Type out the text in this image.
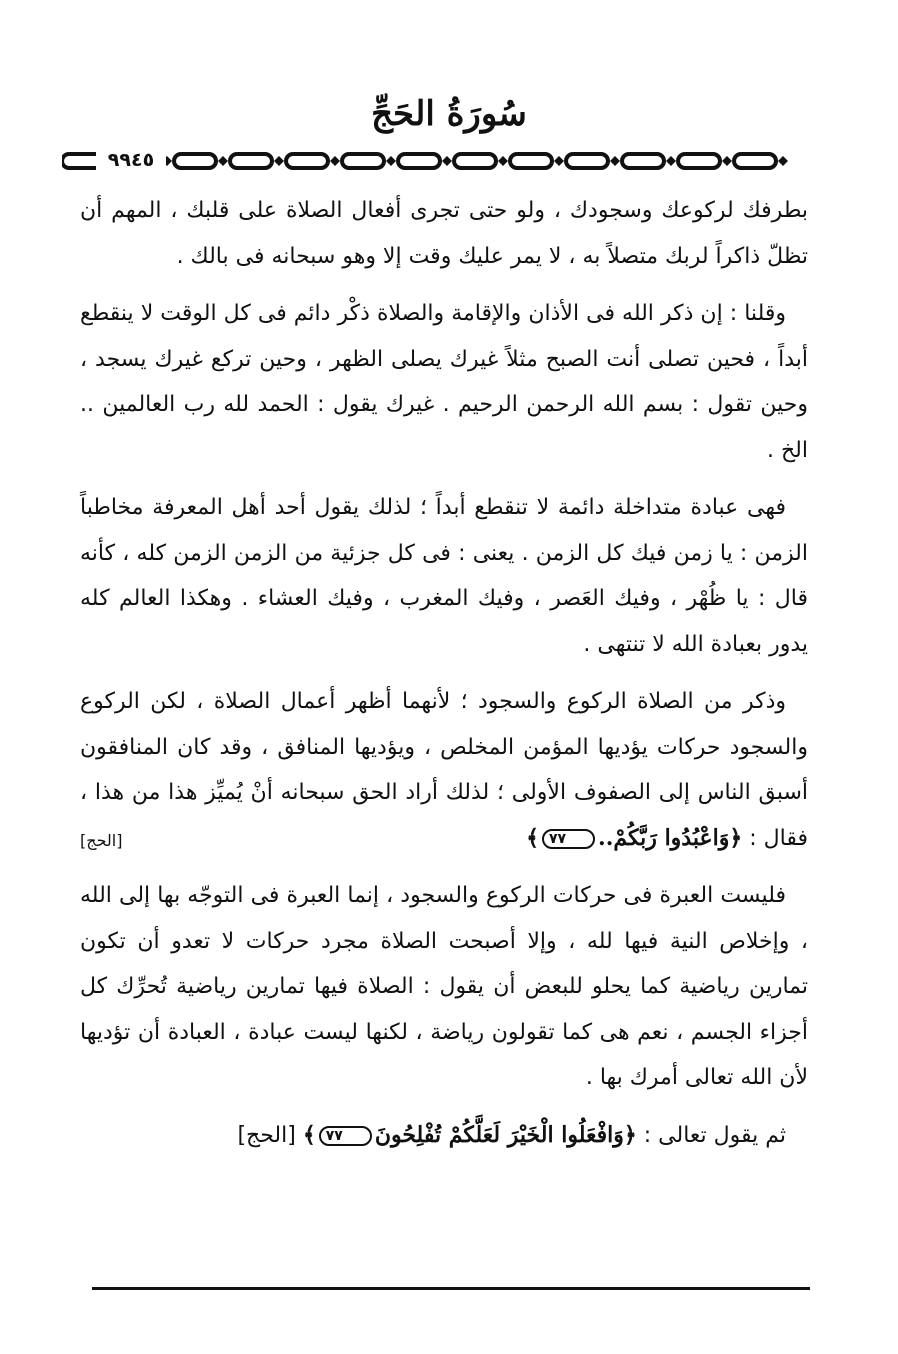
سُورَةُ الحَجِّ
٩٩٤٥

بطرفك لركوعك وسجودك ، ولو حتى تجرى أفعال الصلاة على قلبك ، المهم أن تظلّ ذاكراً لربك متصلاً به ، لا يمر عليك وقت إلا وهو سبحانه فى بالك .

وقلنا : إن ذكر الله فى الأذان والإقامة والصلاة ذكْر دائم فى كل الوقت لا ينقطع أبداً ، فحين تصلى أنت الصبح مثلاً غيرك يصلى الظهر ، وحين تركع غيرك يسجد ، وحين تقول : بسم الله الرحمن الرحيم . غيرك يقول : الحمد لله رب العالمين .. الخ .

فهى عبادة متداخلة دائمة لا تنقطع أبداً ؛ لذلك يقول أحد أهل المعرفة مخاطباً الزمن : يا زمن فيك كل الزمن . يعنى : فى كل جزئية من الزمن الزمن كله ، كأنه قال : يا ظُهْر ، وفيك العَصر ، وفيك المغرب ، وفيك العشاء . وهكذا العالم كله يدور بعبادة الله لا تنتهى .

وذكر من الصلاة الركوع والسجود ؛ لأنهما أظهر أعمال الصلاة ، لكن الركوع والسجود حركات يؤديها المؤمن المخلص ، ويؤديها المنافق ، وقد كان المنافقون أسبق الناس إلى الصفوف الأولى ؛ لذلك أراد الحق سبحانه أنْ يُميِّز هذا من هذا ، فقال : ﴿وَاعْبُدُوا رَبَّكُمْ..٧٧﴾
[الحج]

فليست العبرة فى حركات الركوع والسجود ، إنما العبرة فى التوجّه بها إلى الله ، وإخلاص النية فيها لله ، وإلا أصبحت الصلاة مجرد حركات لا تعدو أن تكون تمارين رياضية كما يحلو للبعض أن يقول : الصلاة فيها تمارين رياضية تُحرِّك كل أجزاء الجسم ، نعم هى كما تقولون رياضة ، لكنها ليست عبادة ، العبادة أن تؤديها لأن الله تعالى أمرك بها .

ثم يقول تعالى : ﴿وَافْعَلُوا الْخَيْرَ لَعَلَّكُمْ تُفْلِحُونَ٧٧﴾ [الحج]
